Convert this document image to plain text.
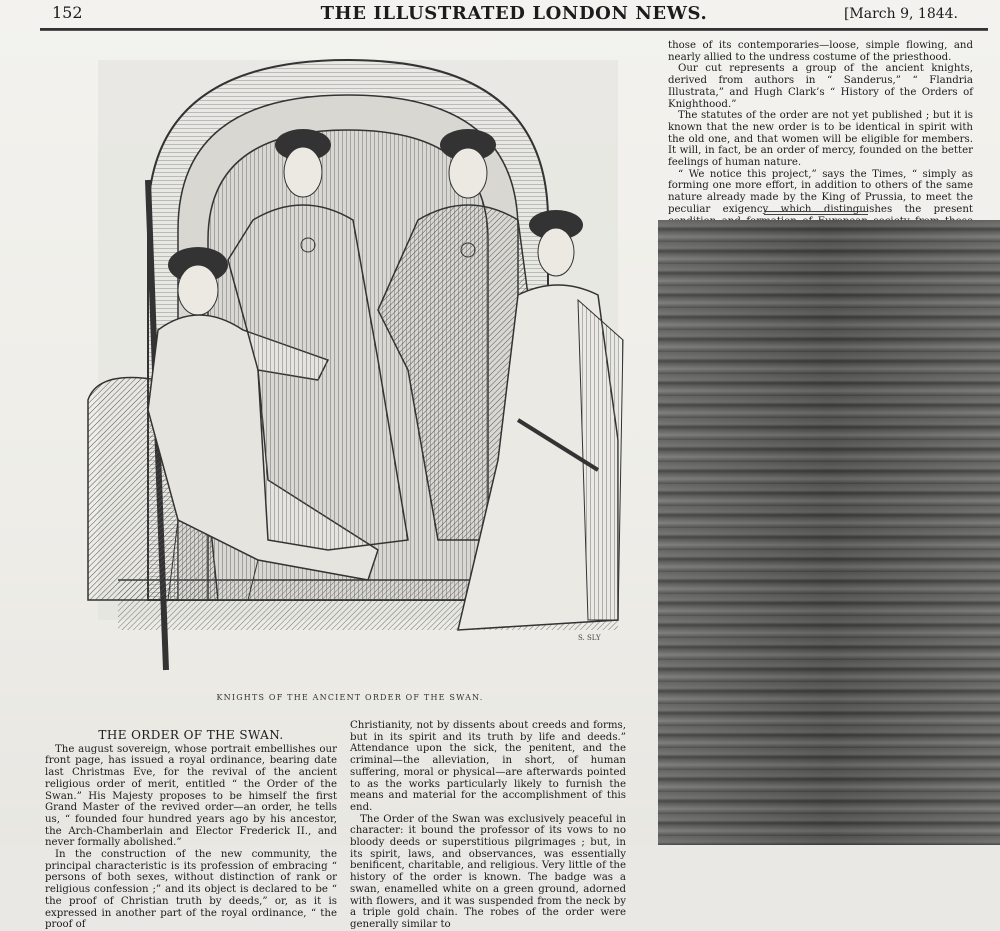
152	THE ILLUSTRATED LONDON NEWS.	[March 9, 1844.
S. SLY
KNIGHTS OF THE ANCIENT ORDER OF THE SWAN.
THE ORDER OF THE SWAN.

The august sovereign, whose portrait embellishes our front page, has issued a royal ordinance, bearing date last Christmas Eve, for the revival of the ancient religious order of merit, entitled “ the Order of the Swan.” His Majesty proposes to be himself the first Grand Master of the revived order—an order, he tells us, “ founded four hundred years ago by his ancestor, the Arch-Chamberlain and Elector Frederick II., and never formally abolished.”

In the construction of the new community, the principal characteristic is its profession of embracing “ persons of both sexes, without distinction of rank or religious confession ;” and its object is declared to be “ the proof of Christian truth by deeds,” or, as it is expressed in another part of the royal ordinance, “ the proof of

Christianity, not by dissents about creeds and forms, but in its spirit and its truth by life and deeds.” Attendance upon the sick, the penitent, and the criminal—the alleviation, in short, of human suffering, moral or physical—are afterwards pointed to as the works particularly likely to furnish the means and material for the accomplishment of this end.

The Order of the Swan was exclusively peaceful in character: it bound the professor of its vows to no bloody deeds or superstitious pilgrimages ; but, in its spirit, laws, and observances, was essentially benificent, charitable, and religious. Very little of the history of the order is known. The badge was a swan, enamelled white on a green ground, adorned with flowers, and it was suspended from the neck by a triple gold chain. The robes of the order were generally similar to

those of its contemporaries—loose, simple flowing, and nearly allied to the undress costume of the priesthood.

Our cut represents a group of the ancient knights, derived from authors in “ Sanderus,” “ Flandria Illustrata,” and Hugh Clark’s “ History of the Orders of Knighthood.”

The statutes of the order are not yet published ; but it is known that the new order is to be identical in spirit with the old one, and that women will be eligible for members. It will, in fact, be an order of mercy, founded on the better feelings of human nature.

“ We notice this project,” says the Times, “ simply as forming one more effort, in addition to others of the same nature already made by the King of Prussia, to meet the peculiar exigency which distinguishes the present
